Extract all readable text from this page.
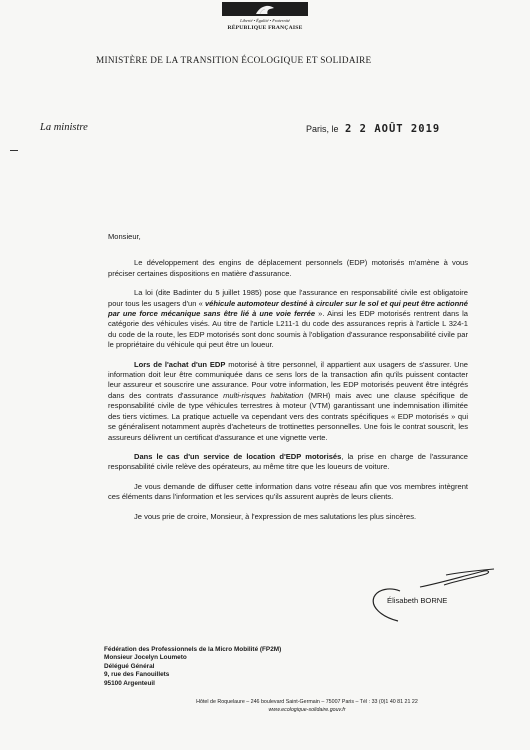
Liberté • Égalité • Fraternité
RÉPUBLIQUE FRANÇAISE
MINISTÈRE DE LA TRANSITION ÉCOLOGIQUE ET SOLIDAIRE
La ministre	Paris, le 2 2 AOÛT 2019

Monsieur,

Le développement des engins de déplacement personnels (EDP) motorisés m'amène à vous préciser certaines dispositions en matière d'assurance.

La loi (dite Badinter du 5 juillet 1985) pose que l'assurance en responsabilité civile est obligatoire pour tous les usagers d'un « véhicule automoteur destiné à circuler sur le sol et qui peut être actionné par une force mécanique sans être lié à une voie ferrée ». Ainsi les EDP motorisés rentrent dans la catégorie des véhicules visés. Au titre de l'article L211-1 du code des assurances repris à l'article L 324-1 du code de la route, les EDP motorisés sont donc soumis à l'obligation d'assurance responsabilité civile par le propriétaire du véhicule qui peut être un loueur.

Lors de l'achat d'un EDP motorisé à titre personnel, il appartient aux usagers de s'assurer. Une information doit leur être communiquée dans ce sens lors de la transaction afin qu'ils puissent contacter leur assureur et souscrire une assurance. Pour votre information, les EDP motorisés peuvent être intégrés dans des contrats d'assurance multi-risques habitation (MRH) mais avec une clause spécifique de responsabilité civile de type véhicules terrestres à moteur (VTM) garantissant une indemnisation illimitée des tiers victimes. La pratique actuelle va cependant vers des contrats spécifiques « EDP motorisés » qui se généralisent notamment auprès d'acheteurs de trottinettes personnelles. Une fois le contrat souscrit, les assureurs délivrent un certificat d'assurance et une vignette verte.

Dans le cas d'un service de location d'EDP motorisés, la prise en charge de l'assurance responsabilité civile relève des opérateurs, au même titre que les loueurs de voiture.

Je vous demande de diffuser cette information dans votre réseau afin que vos membres intègrent ces éléments dans l'information et les services qu'ils assurent auprès de leurs clients.

Je vous prie de croire, Monsieur, à l'expression de mes salutations les plus sincères.

Élisabeth BORNE
Fédération des Professionnels de la Micro Mobilité (FP2M)
Monsieur Jocelyn Loumeto
Délégué Général
9, rue des Fanouillets
95100 Argenteuil
Hôtel de Roquelaure – 246 boulevard Saint-Germain – 75007 Paris – Tél : 33 (0)1 40 81 21 22
www.ecologique-solidaire.gouv.fr
